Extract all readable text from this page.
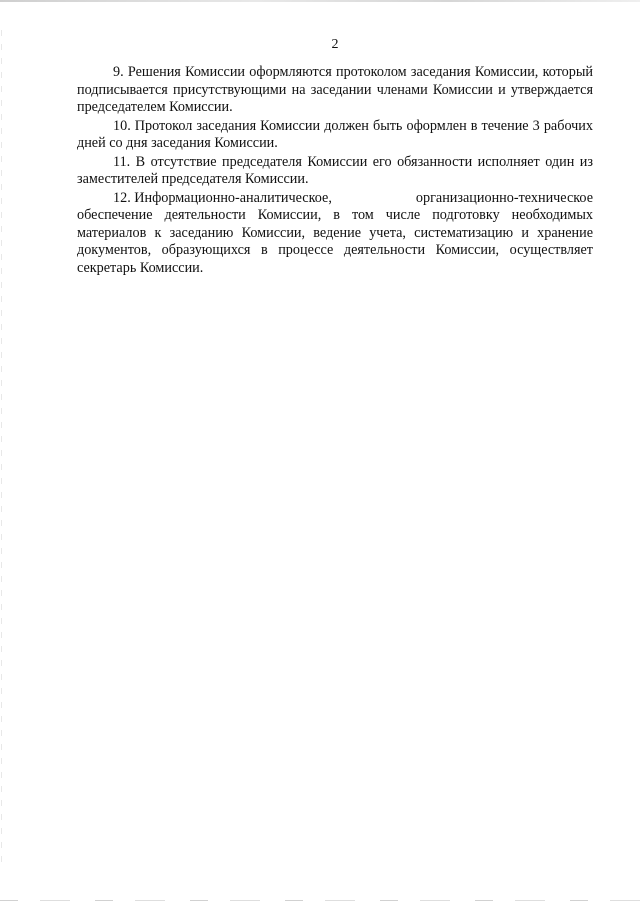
2

9. Решения Комиссии оформляются протоколом заседания Комиссии, который подписывается присутствующими на заседании членами Комиссии и утверждается председателем Комиссии.

10. Протокол заседания Комиссии должен быть оформлен в течение 3 рабочих дней со дня заседания Комиссии.

11. В отсутствие председателя Комиссии его обязанности исполняет один из заместителей председателя Комиссии.

12. Информационно-аналитическое,	организационно-техническое

обеспечение деятельности Комиссии, в том числе подготовку необходимых материалов к заседанию Комиссии, ведение учета, систематизацию и хранение документов, образующихся в процессе деятельности Комиссии, осуществляет секретарь Комиссии.
